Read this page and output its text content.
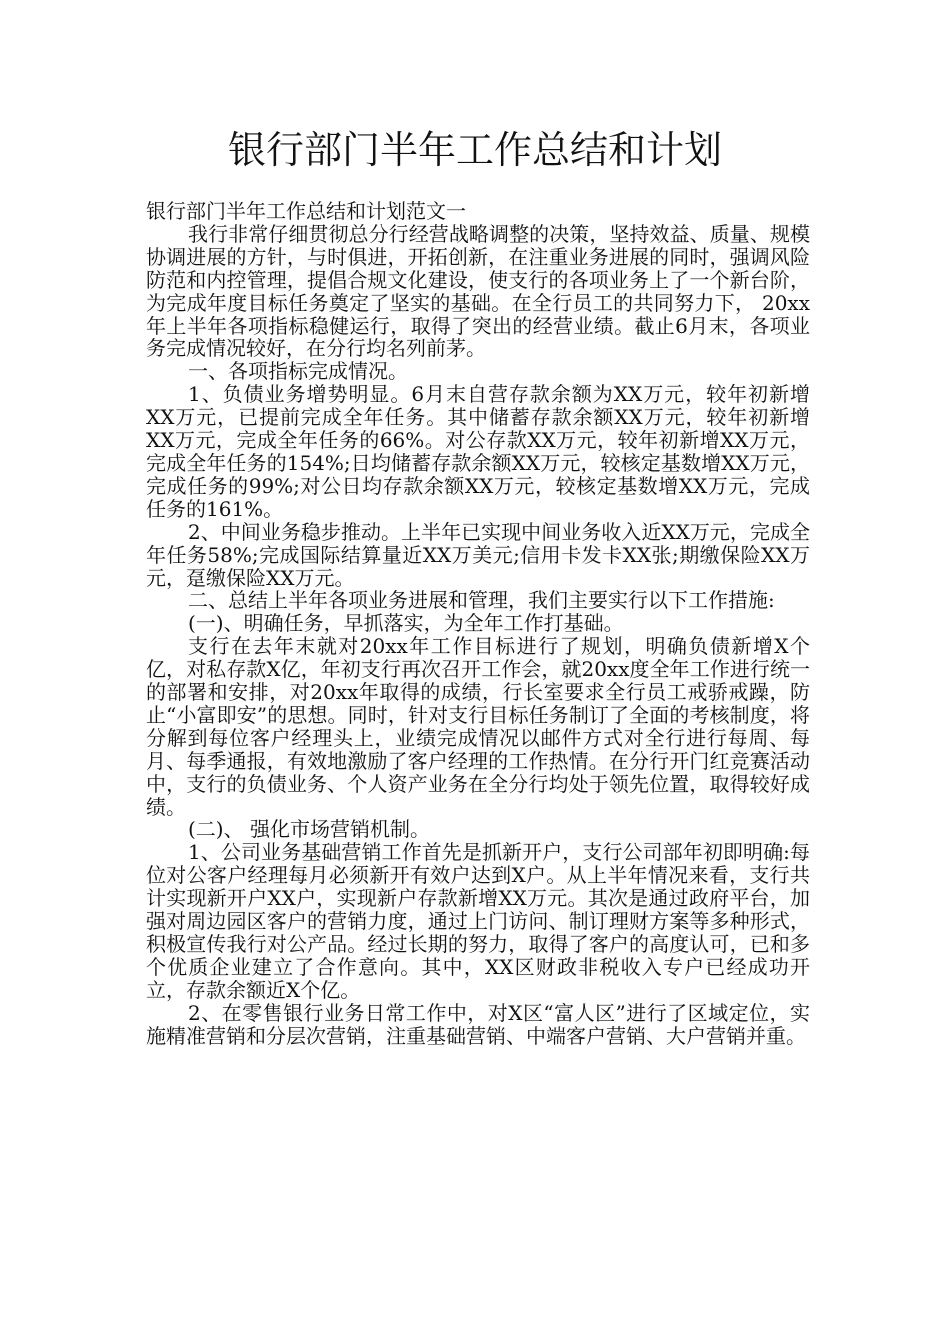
银行部门半年工作总结和计划

银行部门半年工作总结和计划范文一

我行非常仔细贯彻总分行经营战略调整的决策，坚持效益、质量、规模协调进展的方针，与时俱进，开拓创新，在注重业务进展的同时，强调风险防范和内控管理，提倡合规文化建设，使支行的各项业务上了一个新台阶，为完成年度目标任务奠定了坚实的基础。在全行员工的共同努力下， 20xx年上半年各项指标稳健运行，取得了突出的经营业绩。截止6月末，各项业务完成情况较好，在分行均名列前茅。

一、各项指标完成情况。

1、负债业务增势明显。6月末自营存款余额为XX万元，较年初新增XX万元，已提前完成全年任务。其中储蓄存款余额XX万元，较年初新增XX万元，完成全年任务的66%。对公存款XX万元，较年初新增XX万元，完成全年任务的154%;日均储蓄存款余额XX万元，较核定基数增XX万元，完成任务的99%;对公日均存款余额XX万元，较核定基数增XX万元，完成任务的161%。

2、中间业务稳步推动。上半年已实现中间业务收入近XX万元，完成全年任务58%;完成国际结算量近XX万美元;信用卡发卡XX张;期缴保险XX万元，趸缴保险XX万元。

二、总结上半年各项业务进展和管理，我们主要实行以下工作措施:

(一)、明确任务，早抓落实，为全年工作打基础。

支行在去年末就对20xx年工作目标进行了规划，明确负债新增X个亿，对私存款X亿，年初支行再次召开工作会，就20xx度全年工作进行统一的部署和安排，对20xx年取得的成绩，行长室要求全行员工戒骄戒躁，防止“小富即安”的思想。同时，针对支行目标任务制订了全面的考核制度，将分解到每位客户经理头上，业绩完成情况以邮件方式对全行进行每周、每月、每季通报，有效地激励了客户经理的工作热情。在分行开门红竞赛活动中，支行的负债业务、个人资产业务在全分行均处于领先位置，取得较好成绩。

(二)、 强化市场营销机制。

1、公司业务基础营销工作首先是抓新开户，支行公司部年初即明确:每位对公客户经理每月必须新开有效户达到X户。从上半年情况来看，支行共计实现新开户XX户，实现新户存款新增XX万元。其次是通过政府平台，加强对周边园区客户的营销力度，通过上门访问、制订理财方案等多种形式，积极宣传我行对公产品。经过长期的努力，取得了客户的高度认可，已和多个优质企业建立了合作意向。其中，XX区财政非税收入专户已经成功开立，存款余额近X个亿。

2、在零售银行业务日常工作中，对X区“富人区”进行了区域定位，实施精准营销和分层次营销，注重基础营销、中端客户营销、大户营销并重。
